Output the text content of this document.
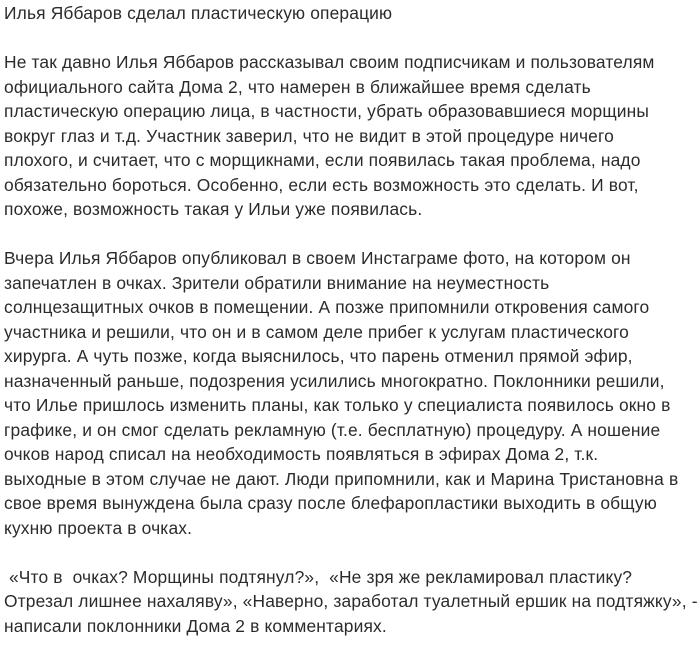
Илья Яббаров сделал пластическую операцию
Не так давно Илья Яббаров рассказывал своим подписчикам и пользователям
официального сайта Дома 2, что намерен в ближайшее время сделать
пластическую операцию лица, в частности, убрать образовавшиеся морщины
вокруг глаз и т.д. Участник заверил, что не видит в этой процедуре ничего
плохого, и считает, что с морщикнами, если появилась такая проблема, надо
обязательно бороться. Особенно, если есть возможность это сделать. И вот,
похоже, возможность такая у Ильи уже появилась.
Вчера Илья Яббаров опубликовал в своем Инстаграме фото, на котором он
запечатлен в очках. Зрители обратили внимание на неуместность
солнцезащитных очков в помещении. А позже припомнили откровения самого
участника и решили, что он и в самом деле прибег к услугам пластического
хирурга. А чуть позже, когда выяснилось, что парень отменил прямой эфир,
назначенный раньше, подозрения усилились многократно. Поклонники решили,
что Илье пришлось изменить планы, как только у специалиста появилось окно в
графике, и он смог сделать рекламную (т.е. бесплатную) процедуру. А ношение
очков народ списал на необходимость появляться в эфирах Дома 2, т.к.
выходные в этом случае не дают. Люди припомнили, как и Марина Тристановна в
свое время вынуждена была сразу после блефаропластики выходить в общую
кухню проекта в очках.
«Что в  очках? Морщины подтянул?»,  «Не зря же рекламировал пластику?
Отрезал лишнее нахаляву», «Наверно, заработал туалетный ершик на подтяжку», -
написали поклонники Дома 2 в комментариях.
